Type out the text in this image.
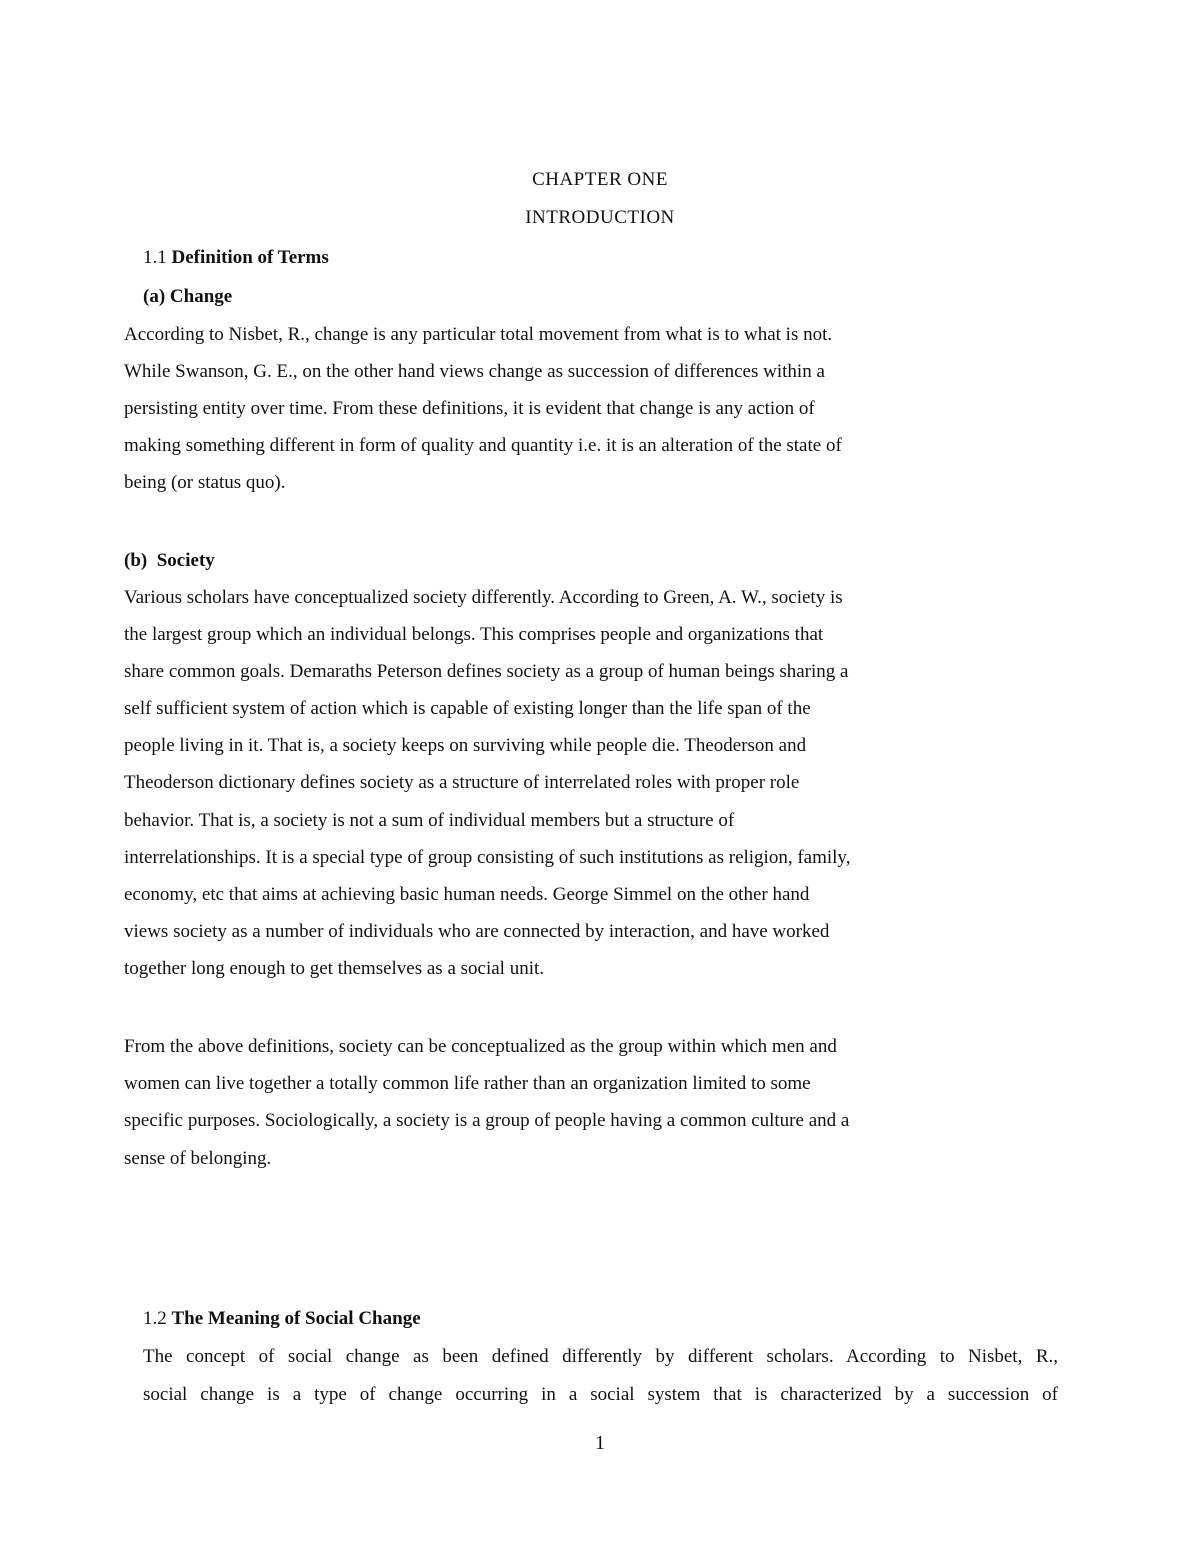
CHAPTER ONE
INTRODUCTION
1.1 Definition of Terms
(a) Change
According to Nisbet, R., change is any particular total movement from what is to what is not.
While Swanson, G. E., on the other hand views change as succession of differences within a
persisting entity over time. From these definitions, it is evident that change is any action of
making something different in form of quality and quantity i.e. it is an alteration of the state of
being (or status quo).
(b) Society
Various scholars have conceptualized society differently. According to Green, A. W., society is
the largest group which an individual belongs. This comprises people and organizations that
share common goals. Demaraths Peterson defines society as a group of human beings sharing a
self sufficient system of action which is capable of existing longer than the life span of the
people living in it. That is, a society keeps on surviving while people die. Theoderson and
Theoderson dictionary defines society as a structure of interrelated roles with proper role
behavior. That is, a society is not a sum of individual members but a structure of
interrelationships. It is a special type of group consisting of such institutions as religion, family,
economy, etc that aims at achieving basic human needs. George Simmel on the other hand
views society as a number of individuals who are connected by interaction, and have worked
together long enough to get themselves as a social unit.
From the above definitions, society can be conceptualized as the group within which men and
women can live together a totally common life rather than an organization limited to some
specific purposes. Sociologically, a society is a group of people having a common culture and a
sense of belonging.
1.2 The Meaning of Social Change
The concept of social change as been defined differently by different scholars. According to Nisbet, R.,
social change is a type of change occurring in a social system that is characterized by a succession of
1
